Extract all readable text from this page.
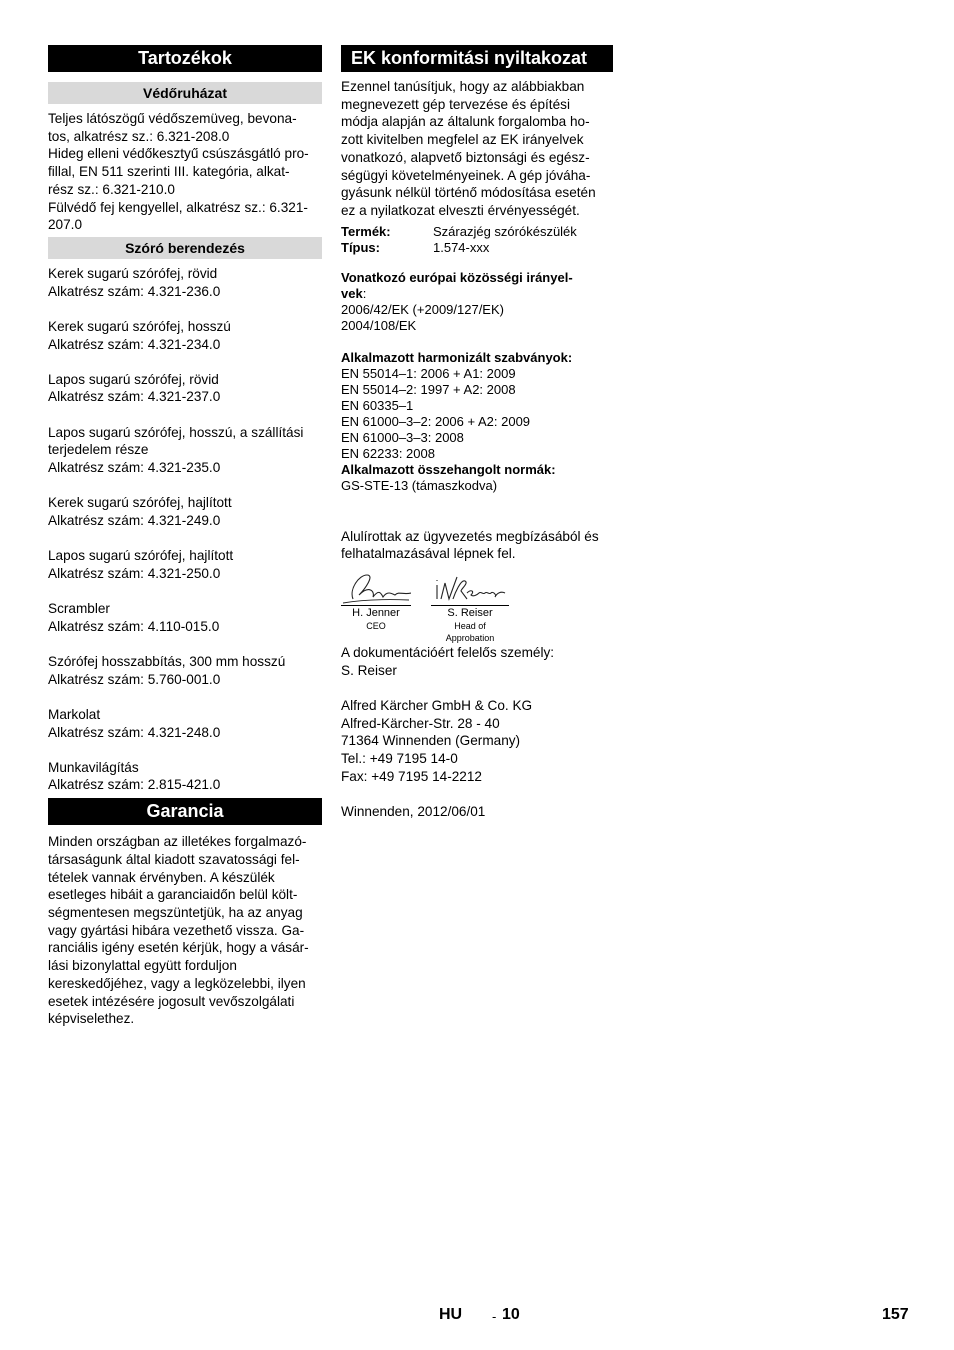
Tartozékok
Védőruházat
Teljes látószögű védőszemüveg, bevona-
tos, alkatrész sz.: 6.321-208.0
Hideg elleni védőkesztyű csúszásgátló pro-
fillal, EN 511 szerinti III. kategória, alkat-
rész sz.: 6.321-210.0
Fülvédő fej kengyellel, alkatrész sz.: 6.321-
207.0
Szóró berendezés
Kerek sugarú szórófej, rövid
Alkatrész szám: 4.321-236.0
Kerek sugarú szórófej, hosszú
Alkatrész szám: 4.321-234.0
Lapos sugarú szórófej, rövid
Alkatrész szám: 4.321-237.0
Lapos sugarú szórófej, hosszú, a szállítási terjedelem része
Alkatrész szám: 4.321-235.0
Kerek sugarú szórófej, hajlított
Alkatrész szám: 4.321-249.0
Lapos sugarú szórófej, hajlított
Alkatrész szám: 4.321-250.0
Scrambler
Alkatrész szám: 4.110-015.0
Szórófej hosszabbítás, 300 mm hosszú
Alkatrész szám: 5.760-001.0
Markolat
Alkatrész szám: 4.321-248.0
Munkavilágítás
Alkatrész szám: 2.815-421.0
Garancia
Minden országban az illetékes forgalmazó-
társaságunk által kiadott szavatossági fel-
tételek vannak érvényben. A készülék
esetleges hibáit a garanciaidőn belül költ-
ségmentesen megszüntetjük, ha az anyag
vagy gyártási hibára vezethető vissza. Ga-
ranciális igény esetén kérjük, hogy a vásár-
lási bizonylattal együtt forduljon
kereskedőjéhez, vagy a legközelebbi, ilyen
esetek intézésére jogosult vevőszolgálati
képviselethez.
EK konformitási nyiltakozat
Ezennel tanúsítjuk, hogy az alábbiakban
megnevezett gép tervezése és építési
módja alapján az általunk forgalomba ho-
zott kivitelben megfelel az EK irányelvek
vonatkozó, alapvető biztonsági és egész-
ségügyi követelményeinek. A gép jóváha-
gyásunk nélkül történő módosítása esetén
ez a nyilatkozat elveszti érvényességét.
Termék:	Szárazjég szórókészülék
Típus:	1.574-xxx
Vonatkozó európai közösségi irányel-
vek:
2006/42/EK (+2009/127/EK)
2004/108/EK
Alkalmazott harmonizált szabványok:
EN 55014–1: 2006 + A1: 2009
EN 55014–2: 1997 + A2: 2008
EN 60335–1
EN 61000–3–2: 2006 + A2: 2009
EN 61000–3–3: 2008
EN 62233: 2008
Alkalmazott összehangolt normák:
GS-STE-13 (támaszkodva)
Alulírottak az ügyvezetés megbízásából és
felhatalmazásával lépnek fel.
H. Jenner
CEO
S. Reiser
Head of Approbation
A dokumentációért felelős személy:
S. Reiser
Alfred Kärcher GmbH & Co. KG
Alfred-Kärcher-Str. 28 - 40
71364 Winnenden (Germany)
Tel.: +49 7195 14-0
Fax: +49 7195 14-2212
Winnenden, 2012/06/01
HU - 10	157
